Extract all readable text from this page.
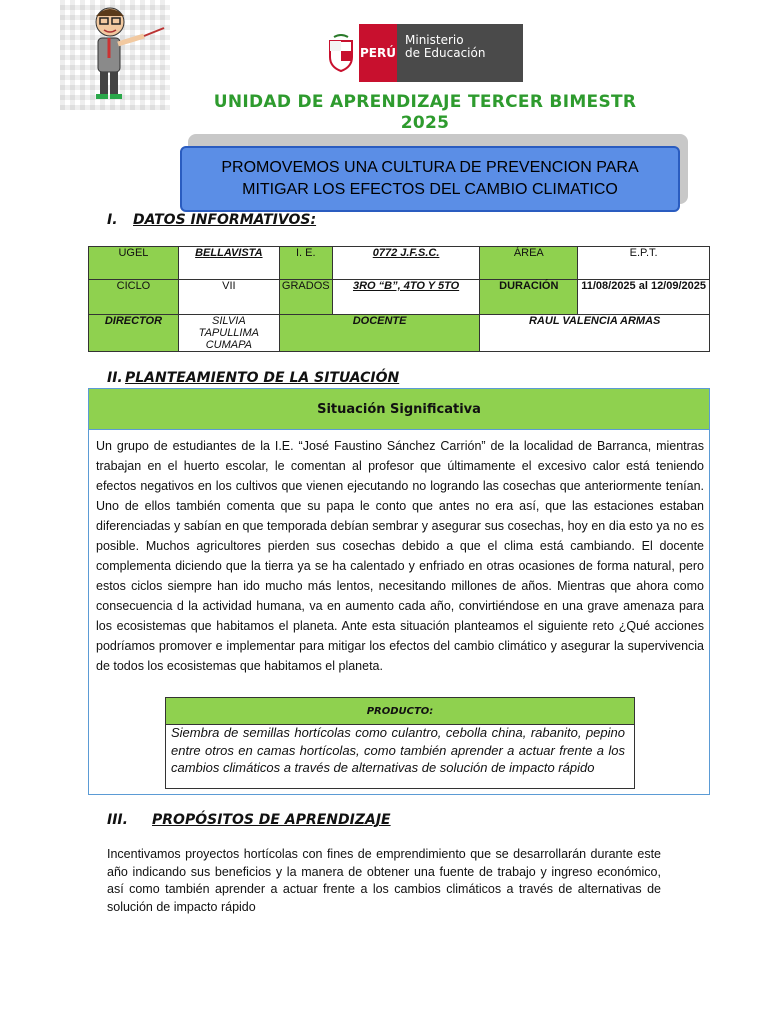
PERÚ
Ministerio
de Educación
UNIDAD DE APRENDIZAJE TERCER BIMESTR
2025
PROMOVEMOS UNA CULTURA DE PREVENCION PARA MITIGAR LOS EFECTOS DEL CAMBIO CLIMATICO
I. DATOS INFORMATIVOS:
UGEL	BELLAVISTA	I. E.	0772 J.F.S.C.	ÁREA	E.P.T.
CICLO	VII	GRADOS	3RO “B”, 4TO Y 5TO	DURACIÓN	11/08/2025 al 12/09/2025
DIRECTOR	SILVIA TAPULLIMA CUMAPA	DOCENTE		RAUL VALENCIA ARMAS	
II. PLANTEAMIENTO DE LA SITUACIÓN
Situación Significativa
Un grupo de estudiantes de la I.E. “José Faustino Sánchez Carrión” de la localidad de Barranca, mientras trabajan en el huerto escolar, le comentan al profesor que últimamente el excesivo calor está teniendo efectos negativos en los cultivos que vienen ejecutando no logrando las cosechas que anteriormente tenían. Uno de ellos también comenta que su papa le conto que antes no era así, que las estaciones estaban diferenciadas y sabían en que temporada debían sembrar y asegurar sus cosechas, hoy en dia esto ya no es posible. Muchos agricultores pierden sus cosechas debido a que el clima está cambiando. El docente complementa diciendo que la tierra ya se ha calentado y enfriado en otras ocasiones de forma natural, pero estos ciclos siempre han ido mucho más lentos, necesitando millones de años. Mientras que ahora como consecuencia d la actividad humana, va en aumento cada año, convirtiéndose en una grave amenaza para los ecosistemas que habitamos el planeta. Ante esta situación planteamos el siguiente reto ¿Qué acciones podríamos promover e implementar para mitigar los efectos del cambio climático y asegurar la supervivencia de todos los ecosistemas que habitamos el planeta.
PRODUCTO:
Siembra de semillas hortícolas como culantro, cebolla china, rabanito, pepino entre otros en camas hortícolas, como también aprender a actuar frente a los cambios climáticos a través de alternativas de solución de impacto rápido
III. PROPÓSITOS DE APRENDIZAJE
Incentivamos proyectos hortícolas con fines de emprendimiento que se desarrollarán durante este año indicando sus beneficios y la manera de obtener una fuente de trabajo y ingreso económico, así como también aprender a actuar frente a los cambios climáticos a través de alternativas de solución de impacto rápido
